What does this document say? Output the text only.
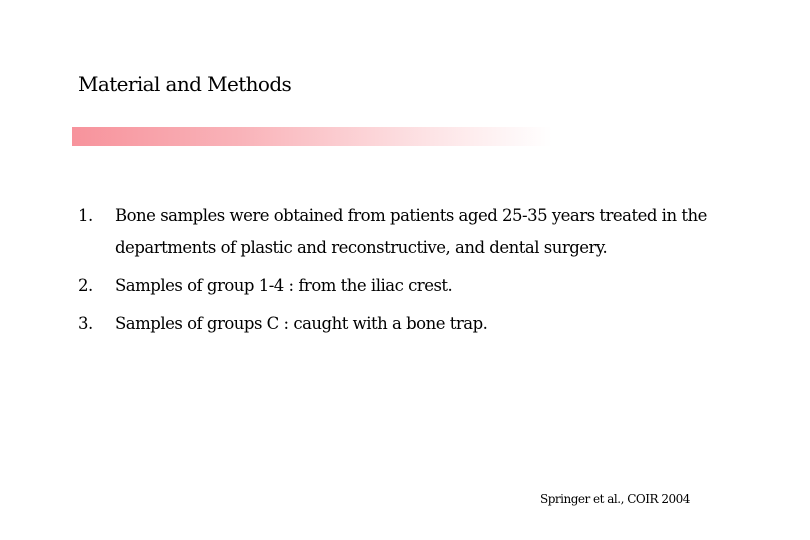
Material and Methods
1. Bone samples were obtained from patients aged 25-35 years treated in the departments of plastic and reconstructive, and dental surgery.
2. Samples of group 1-4 : from the iliac crest.
3. Samples of groups C : caught with a bone trap.
Springer et al., COIR 2004
